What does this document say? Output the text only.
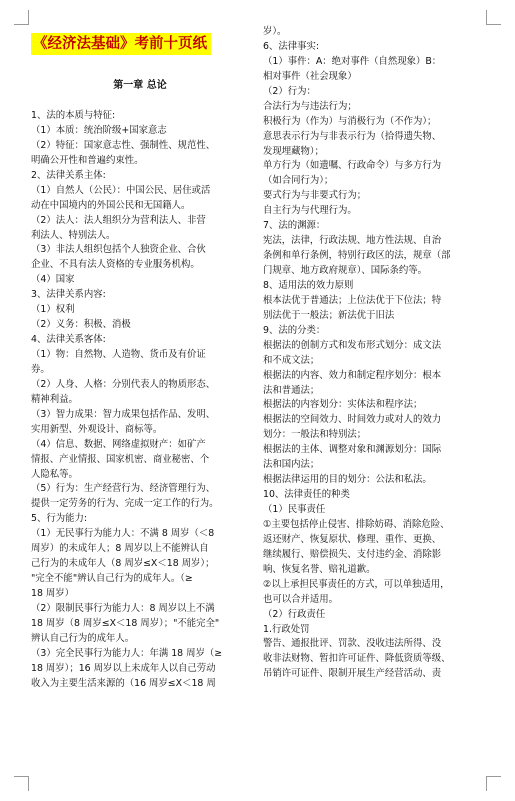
《经济法基础》考前十页纸
第一章 总论
1、法的本质与特征:
（1）本质：统治阶级+国家意志
（2）特征：国家意志性、强制性、规范性、
明确公开性和普遍约束性。
2、法律关系主体:
（1）自然人（公民）：中国公民、居住或活
动在中国境内的外国公民和无国籍人。
（2）法人：法人组织分为营利法人、非营
利法人、特别法人。
（3）非法人组织包括个人独资企业、合伙
企业、不具有法人资格的专业服务机构。
（4）国家
3、法律关系内容:
（1）权利
（2）义务：积极、消极
4、法律关系客体:
（1）物：自然物、人造物、货币及有价证
券。
（2）人身、人格：分别代表人的物质形态、
精神利益。
（3）智力成果：智力成果包括作品、发明、
实用新型、外观设计、商标等。
（4）信息、数据、网络虚拟财产：如矿产
情报、产业情报、国家机密、商业秘密、个
人隐私等。
（5）行为：生产经营行为、经济管理行为、
提供一定劳务的行为、完成一定工作的行为。
5、行为能力:
（1）无民事行为能力人：不满 8 周岁（＜8
周岁）的未成年人；8 周岁以上不能辨认自
己行为的未成年人（8 周岁≤X＜18 周岁）；
"完全不能"辨认自己行为的成年人。（≥
18 周岁）
（2）限制民事行为能力人：8 周岁以上不满
18 周岁（8 周岁≤X＜18 周岁）；"不能完全"
辨认自己行为的成年人。
（3）完全民事行为能力人：年满 18 周岁（≥
18 周岁）；16 周岁以上未成年人以自己劳动
收入为主要生活来源的（16 周岁≤X＜18 周
岁）。
6、法律事实:
（1）事件：A：绝对事件（自然现象）B：
相对事件（社会现象）
（2）行为：
合法行为与违法行为；
积极行为（作为）与消极行为（不作为）；
意思表示行为与非表示行为（拾得遗失物、
发现埋藏物）；
单方行为（如遗嘱、行政命令）与多方行为
（如合同行为）；
要式行为与非要式行为；
自主行为与代理行为。
7、法的渊源：
宪法，法律，行政法规、地方性法规、自治
条例和单行条例，特别行政区的法，规章（部
门规章、地方政府规章）、国际条约等。
8、适用法的效力原则
根本法优于普通法；上位法优于下位法；特
别法优于一般法；新法优于旧法
9、法的分类：
根据法的创制方式和发布形式划分：成文法
和不成文法；
根据法的内容、效力和制定程序划分：根本
法和普通法；
根据法的内容划分：实体法和程序法；
根据法的空间效力、时间效力或对人的效力
划分：一般法和特别法；
根据法的主体、调整对象和渊源划分：国际
法和国内法；
根据法律运用的目的划分：公法和私法。
10、法律责任的种类
（1）民事责任
①主要包括停止侵害、排除妨碍、消除危险、
返还财产、恢复原状、修理、重作、更换、
继续履行、赔偿损失、支付违约金、消除影
响、恢复名誉、赔礼道歉。
②以上承担民事责任的方式，可以单独适用，
也可以合并适用。
（2）行政责任
1.行政处罚
警告、通报批评、罚款、没收违法所得、没
收非法财物、暂扣许可证件、降低资质等级、
吊销许可证件、限制开展生产经营活动、责
